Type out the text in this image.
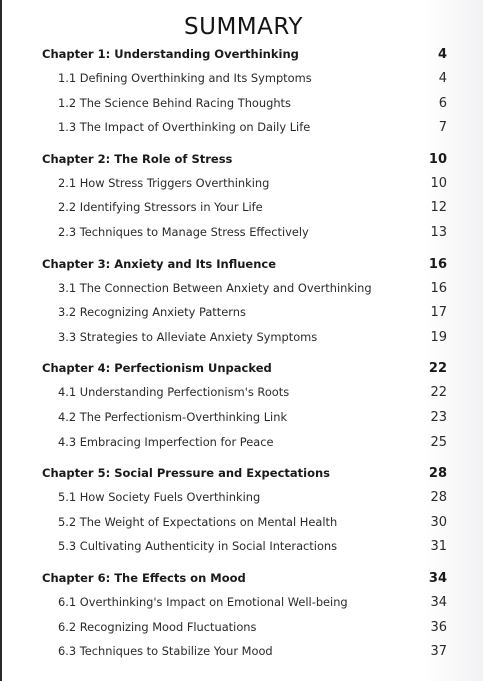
SUMMARY
Chapter 1: Understanding Overthinking	4
1.1 Defining Overthinking and Its Symptoms	4
1.2 The Science Behind Racing Thoughts	6
1.3 The Impact of Overthinking on Daily Life	7
Chapter 2: The Role of Stress	10
2.1 How Stress Triggers Overthinking	10
2.2 Identifying Stressors in Your Life	12
2.3 Techniques to Manage Stress Effectively	13
Chapter 3: Anxiety and Its Influence	16
3.1 The Connection Between Anxiety and Overthinking	16
3.2 Recognizing Anxiety Patterns	17
3.3 Strategies to Alleviate Anxiety Symptoms	19
Chapter 4: Perfectionism Unpacked	22
4.1 Understanding Perfectionism's Roots	22
4.2 The Perfectionism-Overthinking Link	23
4.3 Embracing Imperfection for Peace	25
Chapter 5: Social Pressure and Expectations	28
5.1 How Society Fuels Overthinking	28
5.2 The Weight of Expectations on Mental Health	30
5.3 Cultivating Authenticity in Social Interactions	31
Chapter 6: The Effects on Mood	34
6.1 Overthinking's Impact on Emotional Well-being	34
6.2 Recognizing Mood Fluctuations	36
6.3 Techniques to Stabilize Your Mood	37
